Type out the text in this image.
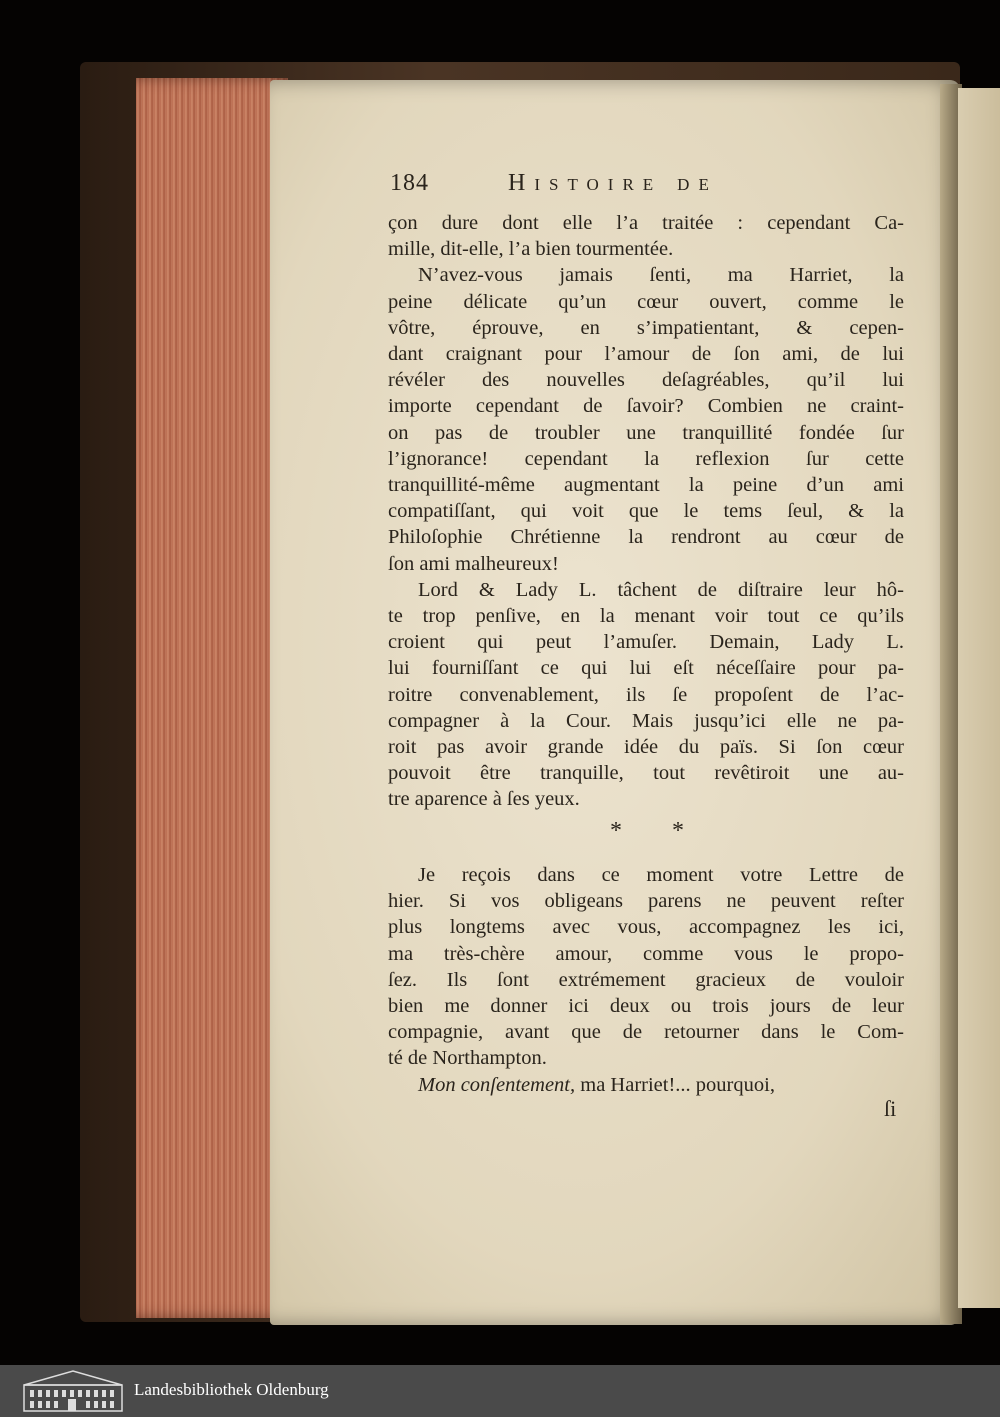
184	Histoire de

çon dure dont elle l’a traitée : cependant Ca-

mille, dit-elle, l’a bien tourmentée.

N’avez-vous jamais ſenti, ma Harriet, la

peine délicate qu’un cœur ouvert, comme le

vôtre, éprouve, en s’impatientant, & cepen-

dant craignant pour l’amour de ſon ami, de lui

révéler des nouvelles deſagréables, qu’il lui

importe cependant de ſavoir? Combien ne craint-

on pas de troubler une tranquillité fondée ſur

l’ignorance! cependant la reflexion ſur cette

tranquillité-même augmentant la peine d’un ami

compatiſſant, qui voit que le tems ſeul, & la

Philoſophie Chrétienne la rendront au cœur de

ſon ami malheureux!

Lord & Lady L. tâchent de diſtraire leur hô-

te trop penſive, en la menant voir tout ce qu’ils

croient qui peut l’amuſer. Demain, Lady L.

lui fourniſſant ce qui lui eſt néceſſaire pour pa-

roitre convenablement, ils ſe propoſent de l’ac-

compagner à la Cour. Mais jusqu’ici elle ne pa-

roit pas avoir grande idée du païs. Si ſon cœur

pouvoit être tranquille, tout revêtiroit une au-

tre aparence à ſes yeux.

* *

Je reçois dans ce moment votre Lettre de

hier. Si vos obligeans parens ne peuvent reſter

plus longtems avec vous, accompagnez les ici,

ma très-chère amour, comme vous le propo-

ſez. Ils ſont extrémement gracieux de vouloir

bien me donner ici deux ou trois jours de leur

compagnie, avant que de retourner dans le Com-

té de Northampton.

Mon conſentement, ma Harriet!... pourquoi,

ſi
Landesbibliothek Oldenburg
